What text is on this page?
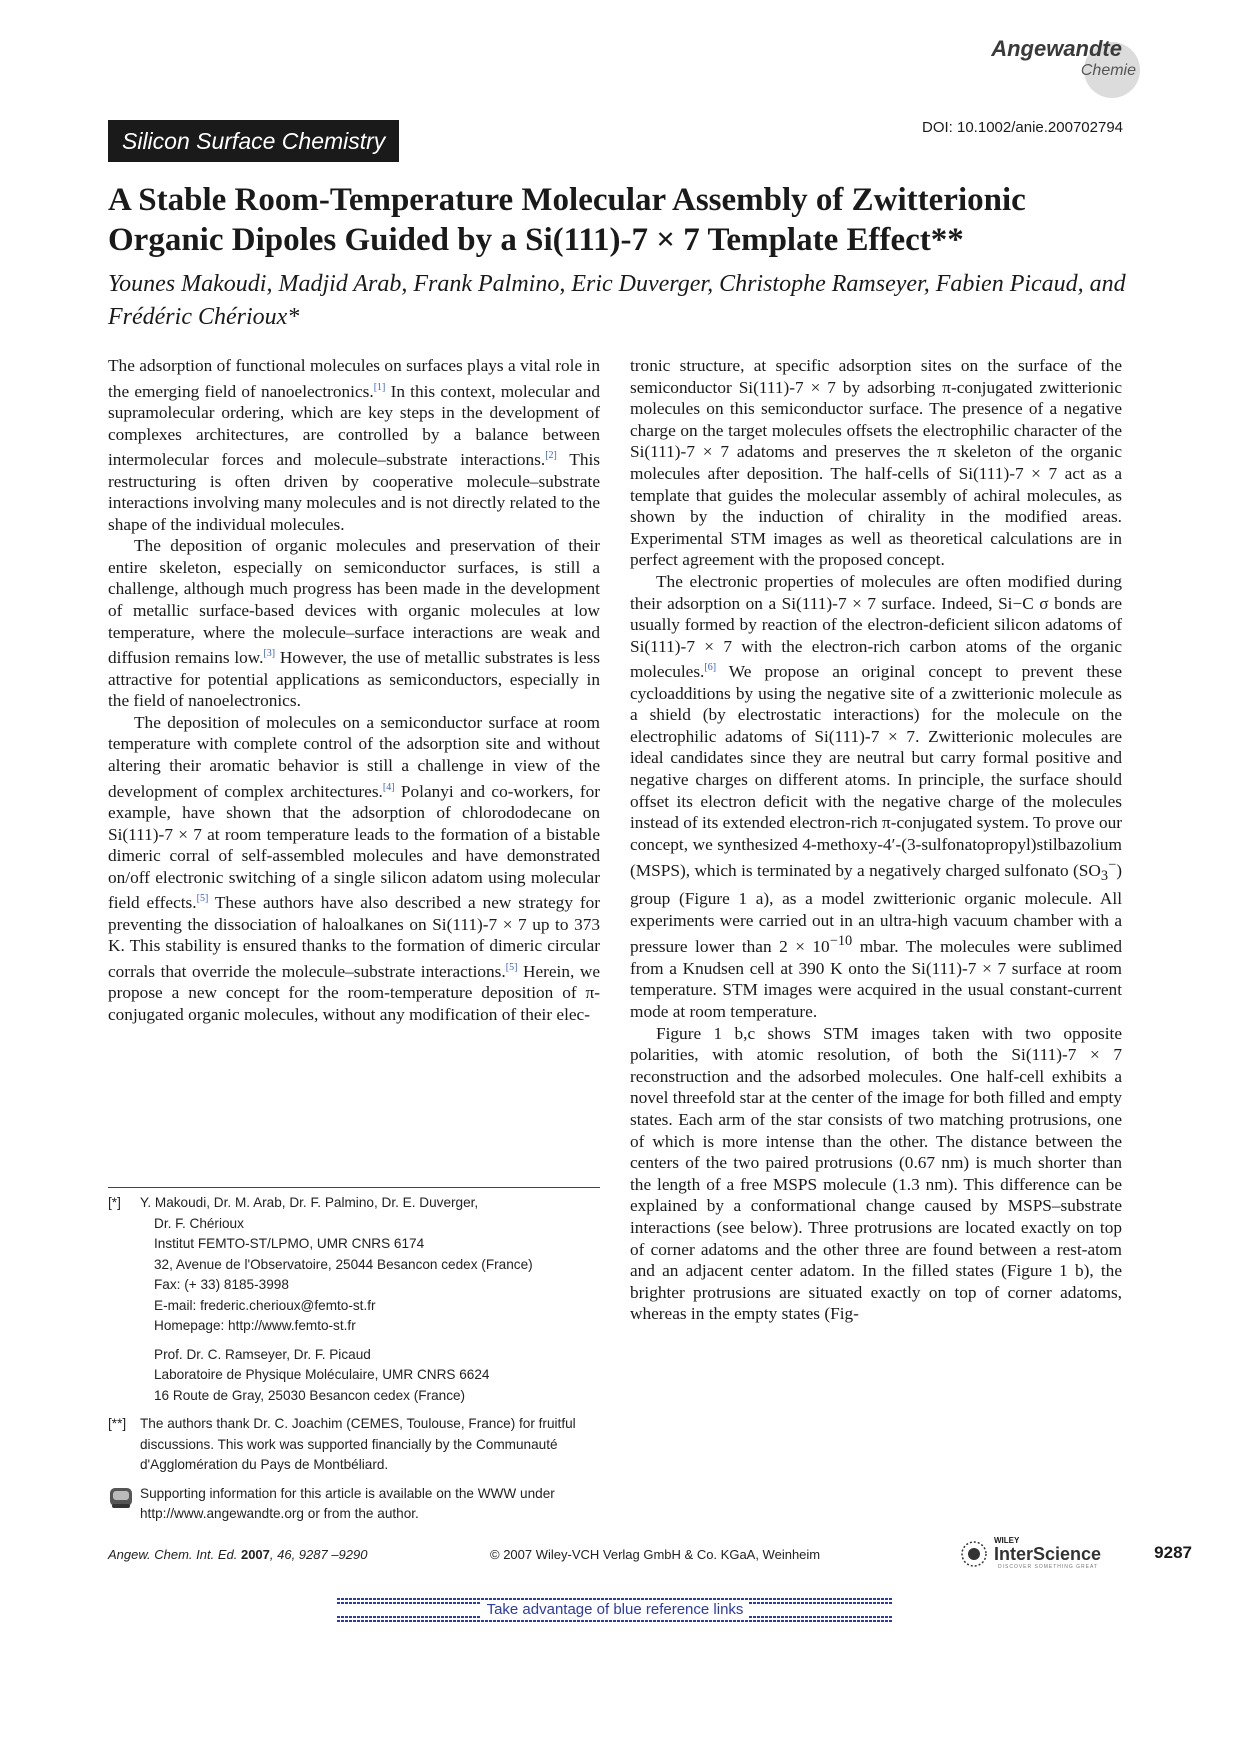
Angewandte
Chemie
Silicon Surface Chemistry
DOI: 10.1002/anie.200702794
A Stable Room-Temperature Molecular Assembly of Zwitterionic Organic Dipoles Guided by a Si(111)-7 × 7 Template Effect**
Younes Makoudi, Madjid Arab, Frank Palmino, Eric Duverger, Christophe Ramseyer, Fabien Picaud, and Frédéric Chérioux*

The adsorption of functional molecules on surfaces plays a vital role in the emerging field of nanoelectronics.[1] In this context, molecular and supramolecular ordering, which are key steps in the development of complexes architectures, are controlled by a balance between intermolecular forces and molecule–substrate interactions.[2] This restructuring is often driven by cooperative molecule–substrate interactions involving many molecules and is not directly related to the shape of the individual molecules.

The deposition of organic molecules and preservation of their entire skeleton, especially on semiconductor surfaces, is still a challenge, although much progress has been made in the development of metallic surface-based devices with organic molecules at low temperature, where the molecule–surface interactions are weak and diffusion remains low.[3] However, the use of metallic substrates is less attractive for potential applications as semiconductors, especially in the field of nanoelectronics.

The deposition of molecules on a semiconductor surface at room temperature with complete control of the adsorption site and without altering their aromatic behavior is still a challenge in view of the development of complex architectures.[4] Polanyi and co-workers, for example, have shown that the adsorption of chlorododecane on Si(111)-7 × 7 at room temperature leads to the formation of a bistable dimeric corral of self-assembled molecules and have demonstrated on/off electronic switching of a single silicon adatom using molecular field effects.[5] These authors have also described a new strategy for preventing the dissociation of haloalkanes on Si(111)-7 × 7 up to 373 K. This stability is ensured thanks to the formation of dimeric circular corrals that override the molecule–substrate interactions.[5] Herein, we propose a new concept for the room-temperature deposition of π-conjugated organic molecules, without any modification of their elec-

tronic structure, at specific adsorption sites on the surface of the semiconductor Si(111)-7 × 7 by adsorbing π-conjugated zwitterionic molecules on this semiconductor surface. The presence of a negative charge on the target molecules offsets the electrophilic character of the Si(111)-7 × 7 adatoms and preserves the π skeleton of the organic molecules after deposition. The half-cells of Si(111)-7 × 7 act as a template that guides the molecular assembly of achiral molecules, as shown by the induction of chirality in the modified areas. Experimental STM images as well as theoretical calculations are in perfect agreement with the proposed concept.

The electronic properties of molecules are often modified during their adsorption on a Si(111)-7 × 7 surface. Indeed, Si−C σ bonds are usually formed by reaction of the electron-deficient silicon adatoms of Si(111)-7 × 7 with the electron-rich carbon atoms of the organic molecules.[6] We propose an original concept to prevent these cycloadditions by using the negative site of a zwitterionic molecule as a shield (by electrostatic interactions) for the molecule on the electrophilic adatoms of Si(111)-7 × 7. Zwitterionic molecules are ideal candidates since they are neutral but carry formal positive and negative charges on different atoms. In principle, the surface should offset its electron deficit with the negative charge of the molecules instead of its extended electron-rich π-conjugated system. To prove our concept, we synthesized 4-methoxy-4′-(3-sulfonatopropyl)stilbazolium (MSPS), which is terminated by a negatively charged sulfonato $(SO_3^-)$ group (Figure 1 a), as a model zwitterionic organic molecule. All experiments were carried out in an ultra-high vacuum chamber with a pressure lower than $2 \times 10^{-10}$ mbar. The molecules were sublimed from a Knudsen cell at 390 K onto the Si(111)-7 × 7 surface at room temperature. STM images were acquired in the usual constant-current mode at room temperature.

Figure 1 b,c shows STM images taken with two opposite polarities, with atomic resolution, of both the Si(111)-7 × 7 reconstruction and the adsorbed molecules. One half-cell exhibits a novel threefold star at the center of the image for both filled and empty states. Each arm of the star consists of two matching protrusions, one of which is more intense than the other. The distance between the centers of the two paired protrusions (0.67 nm) is much shorter than the length of a free MSPS molecule (1.3 nm). This difference can be explained by a conformational change caused by MSPS–substrate interactions (see below). Three protrusions are located exactly on top of corner adatoms and the other three are found between a rest-atom and an adjacent center adatom. In the filled states (Figure 1 b), the brighter protrusions are situated exactly on top of corner adatoms, whereas in the empty states (Fig-

[*] Y. Makoudi, Dr. M. Arab, Dr. F. Palmino, Dr. E. Duverger,
Dr. F. Chérioux
Institut FEMTO-ST/LPMO, UMR CNRS 6174
32, Avenue de l'Observatoire, 25044 Besancon cedex (France)
Fax: (+ 33) 8185-3998
E-mail: frederic.cherioux@femto-st.fr
Homepage: http://www.femto-st.fr
Prof. Dr. C. Ramseyer, Dr. F. Picaud
Laboratoire de Physique Moléculaire, UMR CNRS 6624
16 Route de Gray, 25030 Besancon cedex (France)
[**] The authors thank Dr. C. Joachim (CEMES, Toulouse, France) for fruitful discussions. This work was supported financially by the Communauté d'Agglomération du Pays de Montbéliard.
Supporting information for this article is available on the WWW under http://www.angewandte.org or from the author.
Angew. Chem. Int. Ed. 2007, 46, 9287 –9290	© 2007 Wiley-VCH Verlag GmbH & Co. KGaA, Weinheim
WILEY
InterScience
DISCOVER SOMETHING GREAT
9287
Take advantage of blue reference links
